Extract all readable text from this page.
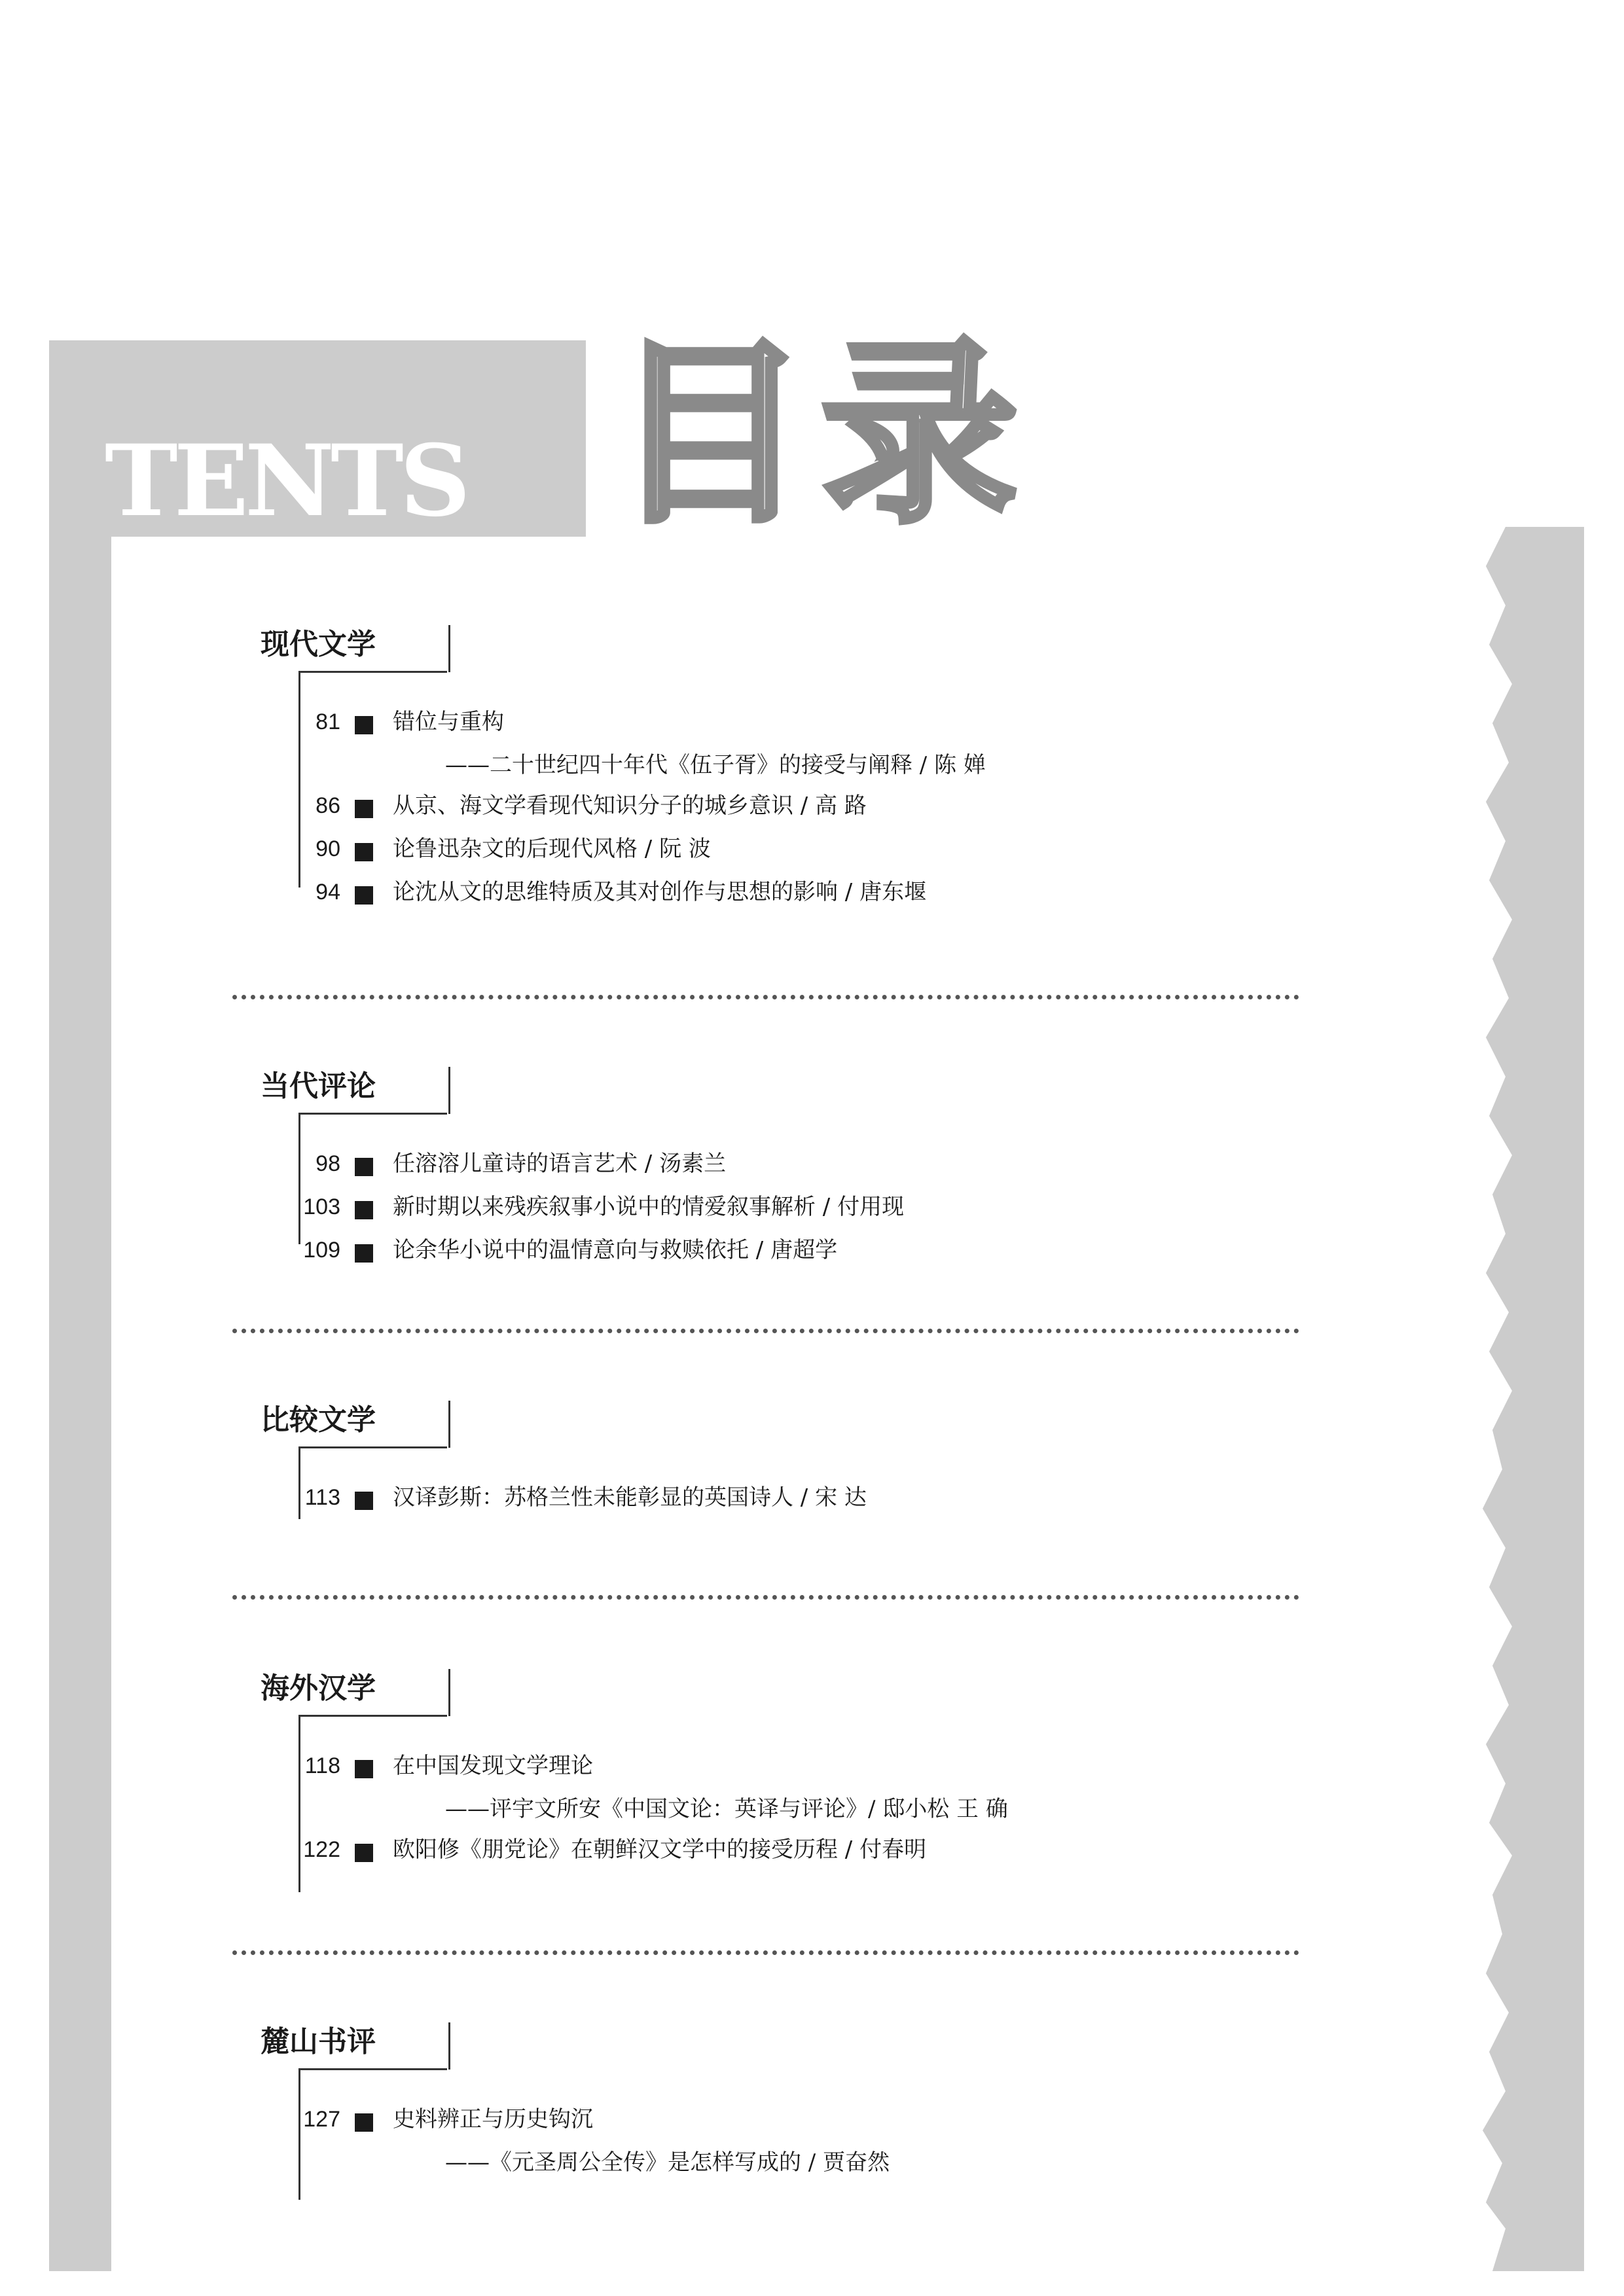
TENTS 目录
现代文学
81 错位与重构
——二十世纪四十年代《伍子胥》的接受与阐释 / 陈 婵
86 从京、海文学看现代知识分子的城乡意识 / 高 路
90 论鲁迅杂文的后现代风格 / 阮 波
94 论沈从文的思维特质及其对创作与思想的影响 / 唐东堰
当代评论
98 任溶溶儿童诗的语言艺术 / 汤素兰
103 新时期以来残疾叙事小说中的情爱叙事解析 / 付用现
109 论余华小说中的温情意向与救赎依托 / 唐超学
比较文学
113 汉译彭斯：苏格兰性未能彰显的英国诗人 / 宋 达
海外汉学
118 在中国发现文学理论
——评宇文所安《中国文论：英译与评论》/ 邸小松 王 确
122 欧阳修《朋党论》在朝鲜汉文学中的接受历程 / 付春明
麓山书评
127 史料辨正与历史钩沉
——《元圣周公全传》是怎样写成的 / 贾奋然
